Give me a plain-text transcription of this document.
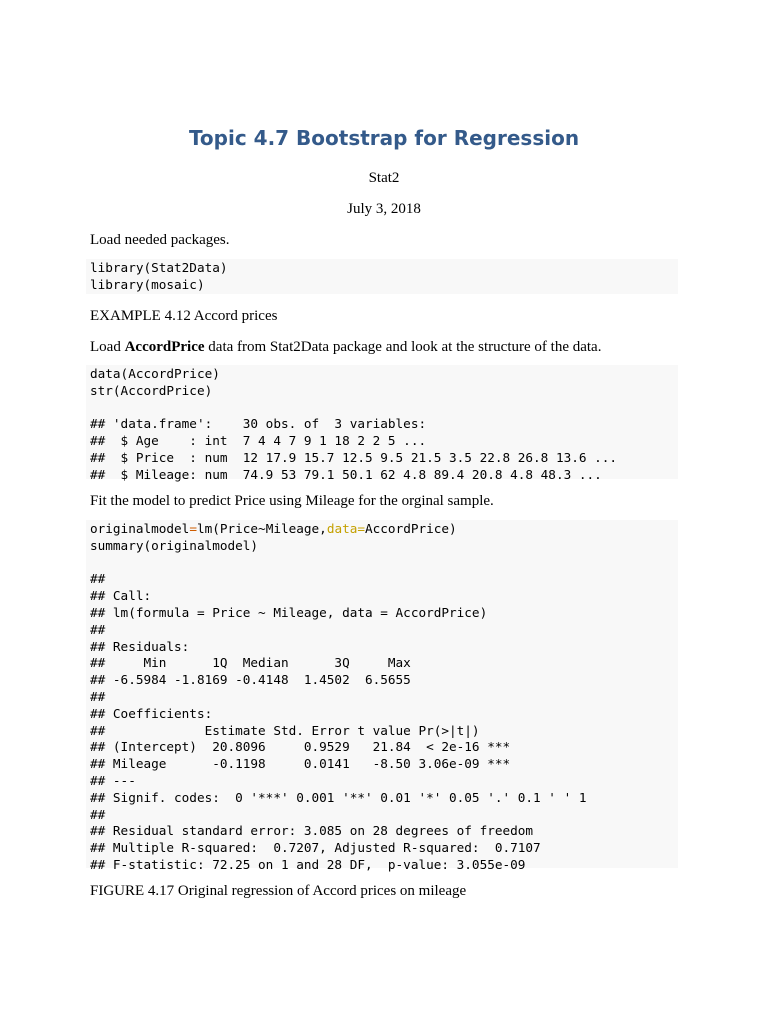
Topic 4.7 Bootstrap for Regression
Stat2
July 3, 2018
Load needed packages.
library(Stat2Data)
library(mosaic)
EXAMPLE 4.12 Accord prices
Load AccordPrice data from Stat2Data package and look at the structure of the data.
data(AccordPrice)
str(AccordPrice)
## 'data.frame':    30 obs. of  3 variables:
##  $ Age    : int  7 4 4 7 9 1 18 2 2 5 ...
##  $ Price  : num  12 17.9 15.7 12.5 9.5 21.5 3.5 22.8 26.8 13.6 ...
##  $ Mileage: num  74.9 53 79.1 50.1 62 4.8 89.4 20.8 4.8 48.3 ...
Fit the model to predict Price using Mileage for the orginal sample.
originalmodel=lm(Price~Mileage,data=AccordPrice)
summary(originalmodel)
##
## Call:
## lm(formula = Price ~ Mileage, data = AccordPrice)
##
## Residuals:
##     Min      1Q  Median      3Q     Max
## -6.5984 -1.8169 -0.4148  1.4502  6.5655
##
## Coefficients:
##             Estimate Std. Error t value Pr(>|t|)
## (Intercept)  20.8096     0.9529   21.84  < 2e-16 ***
## Mileage      -0.1198     0.0141   -8.50 3.06e-09 ***
## ---
## Signif. codes:  0 '***' 0.001 '**' 0.01 '*' 0.05 '.' 0.1 ' ' 1
##
## Residual standard error: 3.085 on 28 degrees of freedom
## Multiple R-squared:  0.7207, Adjusted R-squared:  0.7107
## F-statistic: 72.25 on 1 and 28 DF,  p-value: 3.055e-09
FIGURE 4.17 Original regression of Accord prices on mileage
